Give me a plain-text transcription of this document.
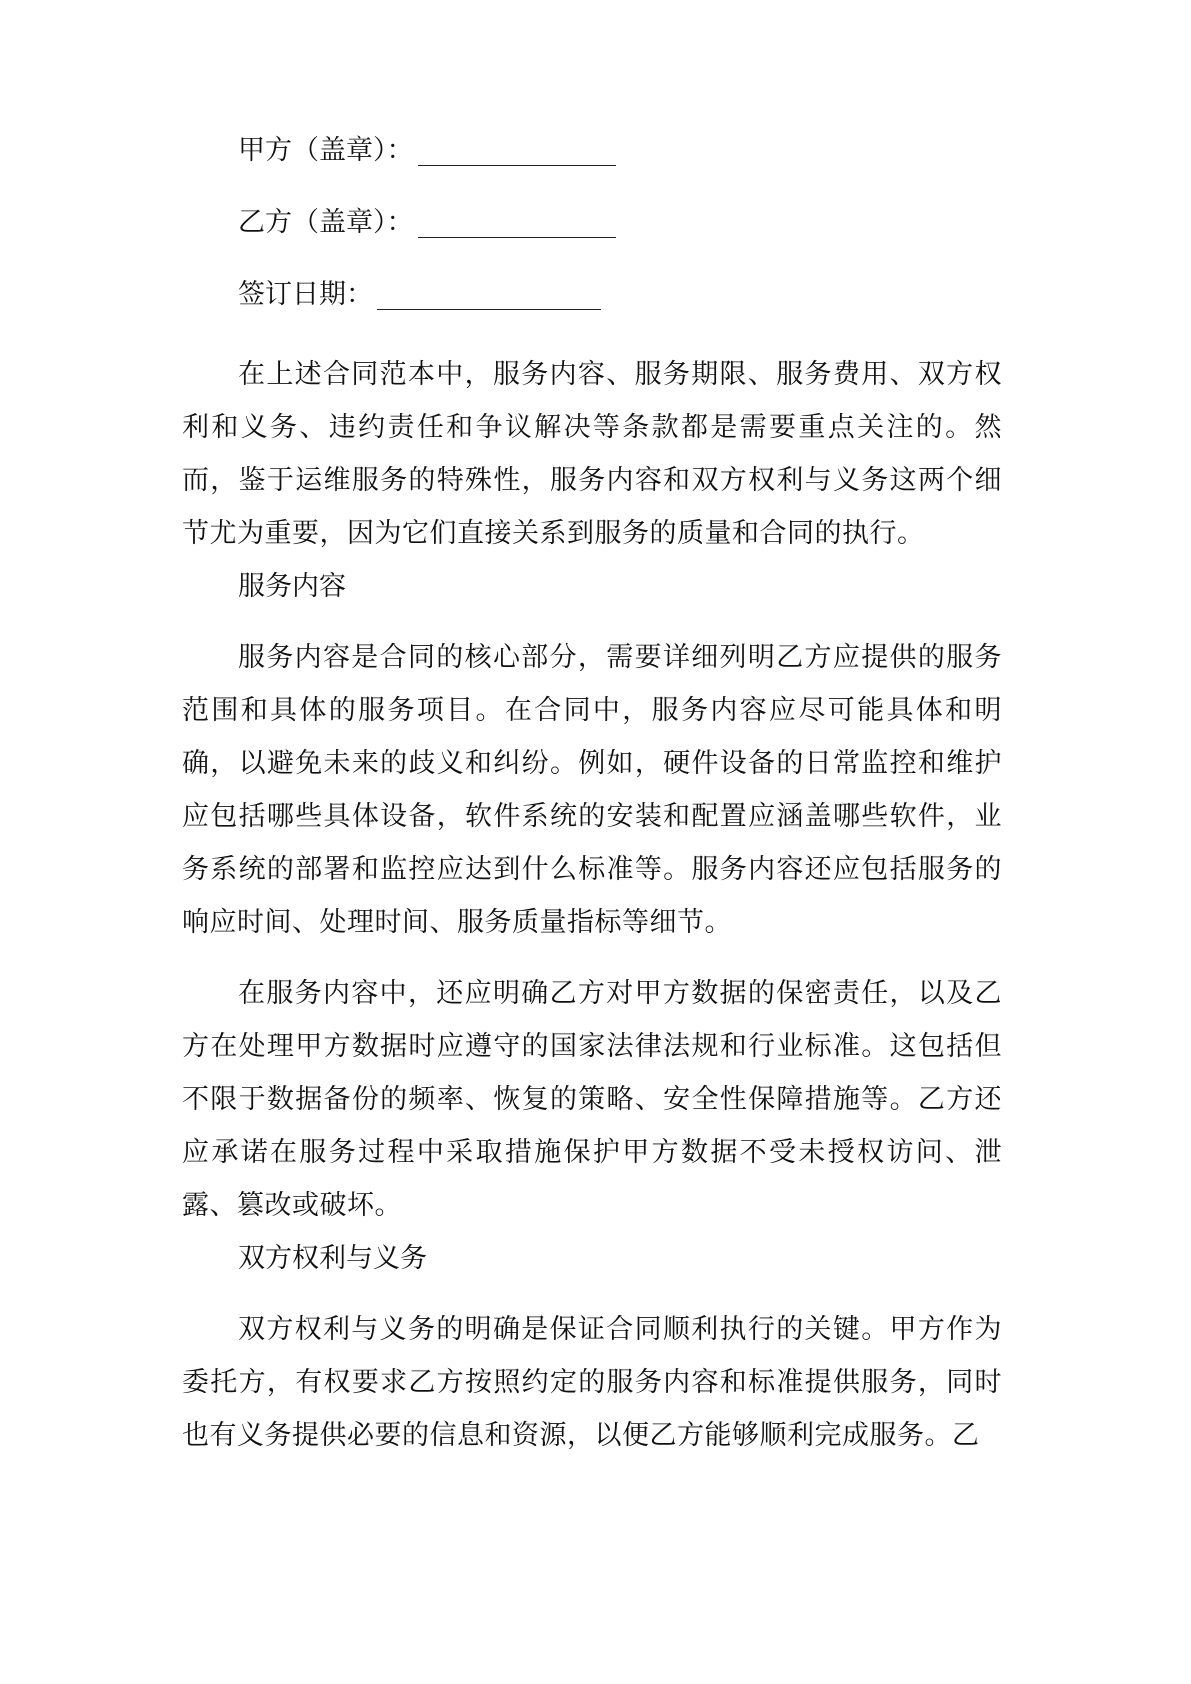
甲方（盖章）：
乙方（盖章）：
签订日期：

在上述合同范本中，服务内容、服务期限、服务费用、双方权利和义务、违约责任和争议解决等条款都是需要重点关注的。然而，鉴于运维服务的特殊性，服务内容和双方权利与义务这两个细节尤为重要，因为它们直接关系到服务的质量和合同的执行。

服务内容

服务内容是合同的核心部分，需要详细列明乙方应提供的服务范围和具体的服务项目。在合同中，服务内容应尽可能具体和明确，以避免未来的歧义和纠纷。例如，硬件设备的日常监控和维护应包括哪些具体设备，软件系统的安装和配置应涵盖哪些软件，业务系统的部署和监控应达到什么标准等。服务内容还应包括服务的响应时间、处理时间、服务质量指标等细节。

在服务内容中，还应明确乙方对甲方数据的保密责任，以及乙方在处理甲方数据时应遵守的国家法律法规和行业标准。这包括但不限于数据备份的频率、恢复的策略、安全性保障措施等。乙方还应承诺在服务过程中采取措施保护甲方数据不受未授权访问、泄露、篡改或破坏。

双方权利与义务

双方权利与义务的明确是保证合同顺利执行的关键。甲方作为委托方，有权要求乙方按照约定的服务内容和标准提供服务，同时也有义务提供必要的信息和资源，以便乙方能够顺利完成服务。乙
